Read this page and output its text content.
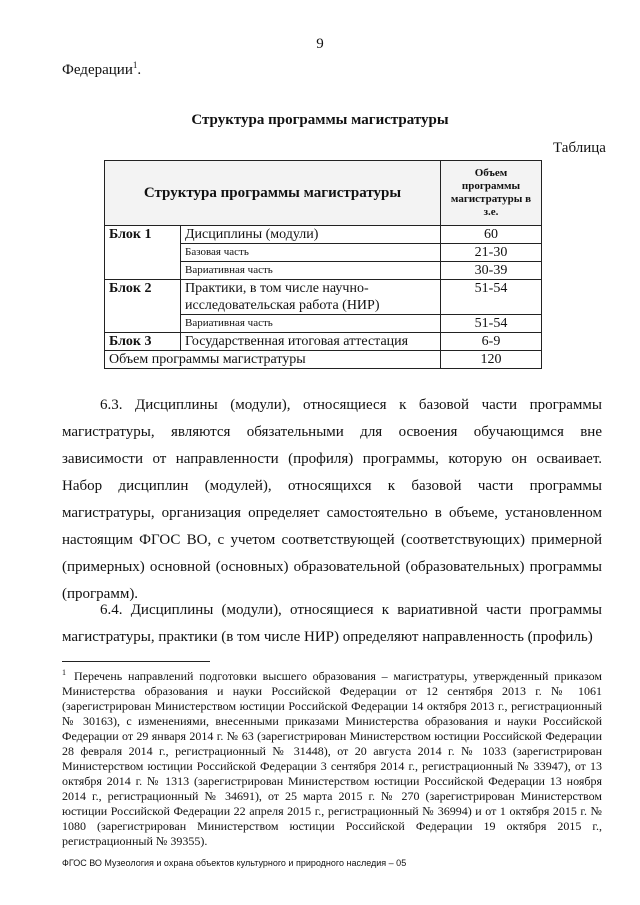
9
Федерации$^1$.
Структура программы магистратуры
Таблица
Структура программы магистратуры		Объем программы магистратуры в з.е.
Блок 1	Дисциплины (модули)	60
	Базовая часть	21-30
	Вариативная часть	30-39
Блок 2	Практики, в том числе научно-исследовательская работа (НИР)	51-54
	Вариативная часть	51-54
Блок 3	Государственная итоговая аттестация	6-9
Объем программы магистратуры		120
6.3. Дисциплины (модули), относящиеся к базовой части программы магистратуры, являются обязательными для освоения обучающимся вне зависимости от направленности (профиля) программы, которую он осваивает. Набор дисциплин (модулей), относящихся к базовой части программы магистратуры, организация определяет самостоятельно в объеме, установленном настоящим ФГОС ВО, с учетом соответствующей (соответствующих) примерной (примерных) основной (основных) образовательной (образовательных) программы (программ).
6.4. Дисциплины (модули), относящиеся к вариативной части программы магистратуры, практики (в том числе НИР) определяют направленность (профиль)
$^1$ Перечень направлений подготовки высшего образования – магистратуры, утвержденный приказом Министерства образования и науки Российской Федерации от 12 сентября 2013 г. № 1061 (зарегистрирован Министерством юстиции Российской Федерации 14 октября 2013 г., регистрационный № 30163), с изменениями, внесенными приказами Министерства образования и науки Российской Федерации от 29 января 2014 г. № 63 (зарегистрирован Министерством юстиции Российской Федерации 28 февраля 2014 г., регистрационный № 31448), от 20 августа 2014 г. № 1033 (зарегистрирован Министерством юстиции Российской Федерации 3 сентября 2014 г., регистрационный № 33947), от 13 октября 2014 г. № 1313 (зарегистрирован Министерством юстиции Российской Федерации 13 ноября 2014 г., регистрационный № 34691), от 25 марта 2015 г. № 270 (зарегистрирован Министерством юстиции Российской Федерации 22 апреля 2015 г., регистрационный № 36994) и от 1 октября 2015 г. № 1080 (зарегистрирован Министерством юстиции Российской Федерации 19 октября 2015 г., регистрационный № 39355).
ФГОС ВО Музеология и охрана объектов культурного и природного наследия – 05
